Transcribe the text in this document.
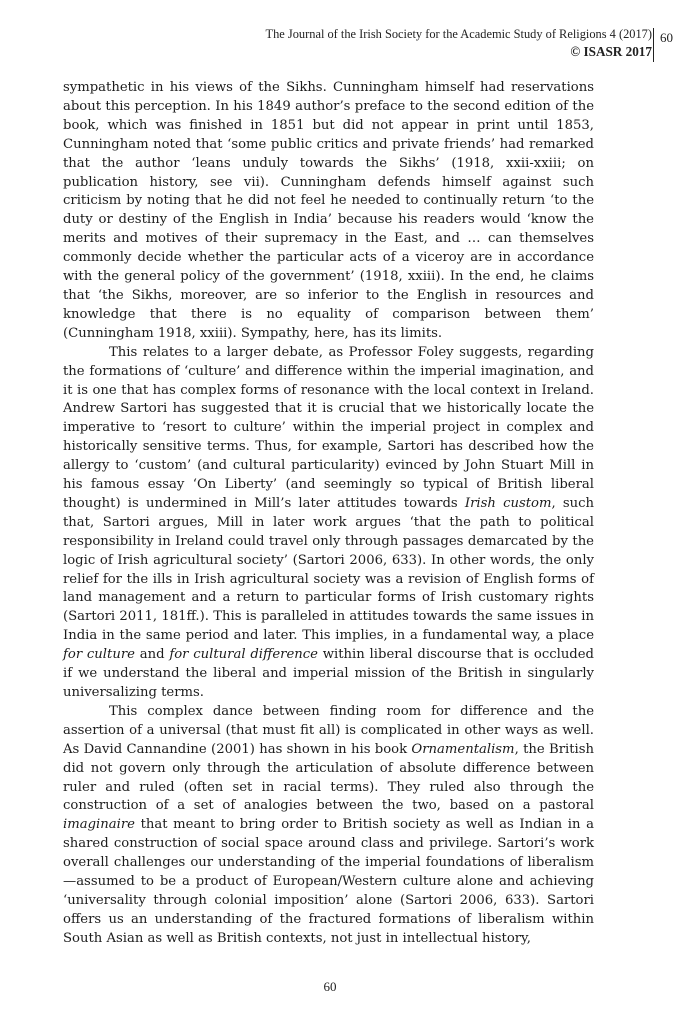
The Journal of the Irish Society for the Academic Study of Religions 4 (2017)
© ISASR 2017
60

sympathetic in his views of the Sikhs. Cunningham himself had reservations about this perception. In his 1849 author’s preface to the second edition of the book, which was finished in 1851 but did not appear in print until 1853, Cunningham noted that ‘some public critics and private friends’ had remarked that the author ‘leans unduly towards the Sikhs’ (1918, xxii-xxiii; on publication history, see vii). Cunningham defends himself against such criticism by noting that he did not feel he needed to continually return ‘to the duty or destiny of the English in India’ because his readers would ‘know the merits and motives of their supremacy in the East, and … can themselves commonly decide whether the particular acts of a viceroy are in accordance with the general policy of the government’ (1918, xxiii). In the end, he claims that ‘the Sikhs, moreover, are so inferior to the English in resources and knowledge that there is no equality of comparison between them’ (Cunningham 1918, xxiii). Sympathy, here, has its limits.

This relates to a larger debate, as Professor Foley suggests, regarding the formations of ‘culture’ and difference within the imperial imagination, and it is one that has complex forms of resonance with the local context in Ireland. Andrew Sartori has suggested that it is crucial that we historically locate the imperative to ‘resort to culture’ within the imperial project in complex and historically sensitive terms. Thus, for example, Sartori has described how the allergy to ‘custom’ (and cultural particularity) evinced by John Stuart Mill in his famous essay ‘On Liberty’ (and seemingly so typical of British liberal thought) is undermined in Mill’s later attitudes towards Irish custom, such that, Sartori argues, Mill in later work argues ‘that the path to political responsibility in Ireland could travel only through passages demarcated by the logic of Irish agricultural society’ (Sartori 2006, 633). In other words, the only relief for the ills in Irish agricultural society was a revision of English forms of land management and a return to particular forms of Irish customary rights (Sartori 2011, 181ff.). This is paralleled in attitudes towards the same issues in India in the same period and later. This implies, in a fundamental way, a place for culture and for cultural difference within liberal discourse that is occluded if we understand the liberal and imperial mission of the British in singularly universalizing terms.

This complex dance between finding room for difference and the assertion of a universal (that must fit all) is complicated in other ways as well. As David Cannandine (2001) has shown in his book Ornamentalism, the British did not govern only through the articulation of absolute difference between ruler and ruled (often set in racial terms). They ruled also through the construction of a set of analogies between the two, based on a pastoral imaginaire that meant to bring order to British society as well as Indian in a shared construction of social space around class and privilege. Sartori’s work overall challenges our understanding of the imperial foundations of liberalism—assumed to be a product of European/Western culture alone and achieving ‘universality through colonial imposition’ alone (Sartori 2006, 633). Sartori offers us an understanding of the fractured formations of liberalism within South Asian as well as British contexts, not just in intellectual history,

60
